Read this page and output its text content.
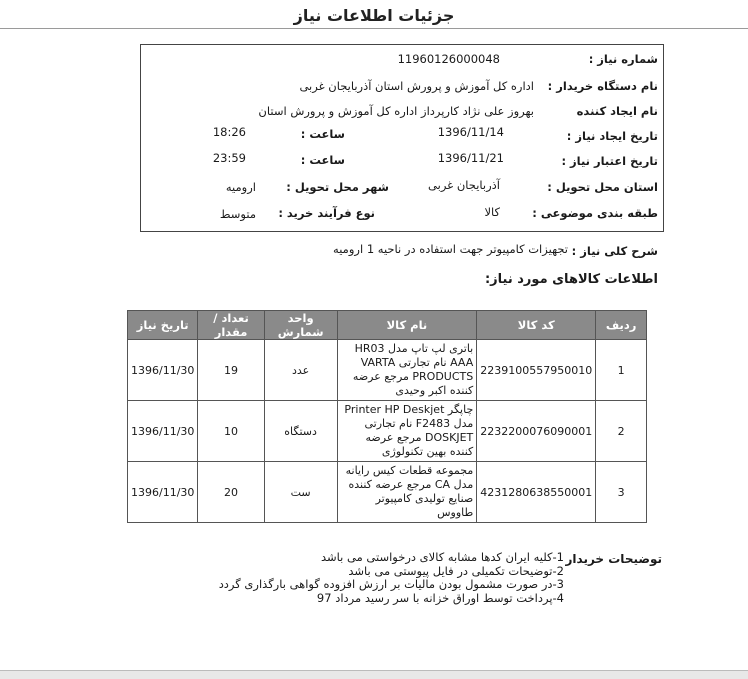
جزئیات اطلاعات نیاز
شماره نیاز :
11960126000048
نام دستگاه خریدار :
اداره کل آموزش و پرورش استان آذربایجان غربی
نام ایجاد کننده
بهروز علی نژاد کارپرداز اداره کل آموزش و پرورش استان
تاریخ ایجاد نیاز :
1396/11/14
ساعت :
18:26
تاریخ اعتبار نیاز :
1396/11/21
ساعت :
23:59
استان محل تحویل :
آذربایجان غربی
شهر محل تحویل :
ارومیه
طبقه بندی موضوعی :
کالا
نوع فرآیند خرید :
متوسط
شرح کلی نیاز :
تجهیزات کامپیوتر جهت استفاده در ناحیه 1 ارومیه
اطلاعات کالاهای مورد نیاز:
ردیف	کد کالا	نام کالا	واحد شمارش	تعداد / مقدار	تاریخ نیاز
1	2239100557950010	باتری لپ تاپ مدل HR03 AAA نام تجارتی VARTA PRODUCTS مرجع عرضه کننده اکبر وحیدی	عدد	19	1396/11/30
2	2232200076090001	چاپگر Printer HP Deskjet مدل F2483 نام تجارتی DOSKJET مرجع عرضه کننده بهین تکنولوژی	دستگاه	10	1396/11/30
3	4231280638550001	مجموعه قطعات کیس رایانه مدل CA مرجع عرضه کننده صنایع تولیدی کامپیوتر طاووس	ست	20	1396/11/30
توضیحات خریدار
1-کلیه ایران کدها مشابه کالای درخواستی می باشد
2-توضیحات تکمیلی در فایل پیوستی می باشد
3-در صورت مشمول بودن مالیات بر ارزش افزوده گواهی بارگذاری گردد
4-پرداخت توسط اوراق خزانه با سر رسید مرداد 97
